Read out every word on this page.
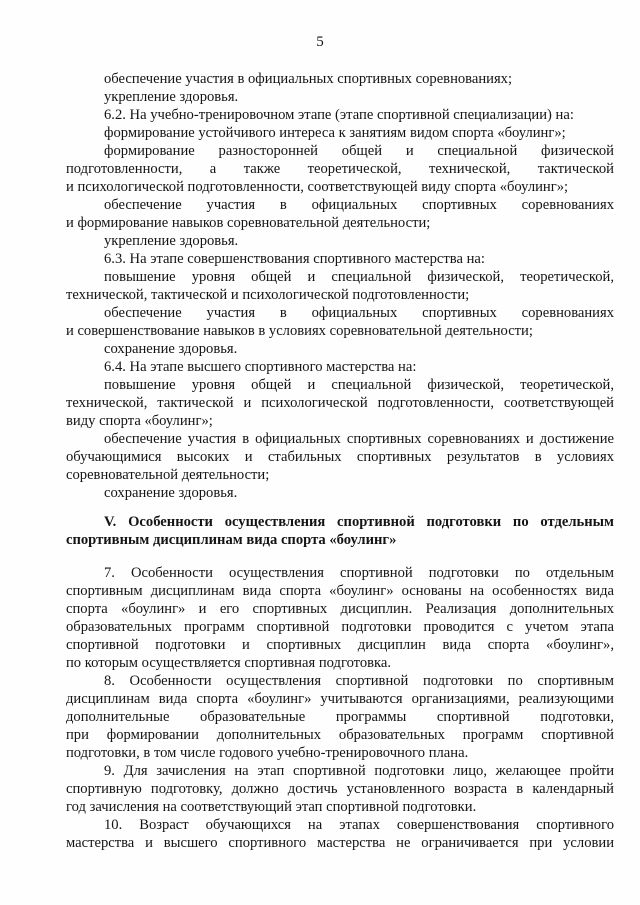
5
обеспечение участия в официальных спортивных соревнованиях;
укрепление здоровья.
6.2. На учебно-тренировочном этапе (этапе спортивной специализации) на:
формирование устойчивого интереса к занятиям видом спорта «боулинг»;
формирование разносторонней общей и специальной физической
подготовленности, а также теоретической, технической, тактической
и психологической подготовленности, соответствующей виду спорта «боулинг»;
обеспечение участия в официальных спортивных соревнованиях
и формирование навыков соревновательной деятельности;
укрепление здоровья.
6.3. На этапе совершенствования спортивного мастерства на:
повышение уровня общей и специальной физической, теоретической,
технической, тактической и психологической подготовленности;
обеспечение участия в официальных спортивных соревнованиях
и совершенствование навыков в условиях соревновательной деятельности;
сохранение здоровья.
6.4. На этапе высшего спортивного мастерства на:
повышение уровня общей и специальной физической, теоретической,
технической, тактической и психологической подготовленности, соответствующей
виду спорта «боулинг»;
обеспечение участия в официальных спортивных соревнованиях и достижение
обучающимися высоких и стабильных спортивных результатов в условиях
соревновательной деятельности;
сохранение здоровья.
V. Особенности осуществления спортивной подготовки по отдельным
спортивным дисциплинам вида спорта «боулинг»
7. Особенности осуществления спортивной подготовки по отдельным
спортивным дисциплинам вида спорта «боулинг» основаны на особенностях вида
спорта «боулинг» и его спортивных дисциплин. Реализация дополнительных
образовательных программ спортивной подготовки проводится с учетом этапа
спортивной подготовки и спортивных дисциплин вида спорта «боулинг»,
по которым осуществляется спортивная подготовка.
8. Особенности осуществления спортивной подготовки по спортивным
дисциплинам вида спорта «боулинг» учитываются организациями, реализующими
дополнительные образовательные программы спортивной подготовки,
при формировании дополнительных образовательных программ спортивной
подготовки, в том числе годового учебно-тренировочного плана.
9. Для зачисления на этап спортивной подготовки лицо, желающее пройти
спортивную подготовку, должно достичь установленного возраста в календарный
год зачисления на соответствующий этап спортивной подготовки.
10. Возраст обучающихся на этапах совершенствования спортивного
мастерства и высшего спортивного мастерства не ограничивается при условии
